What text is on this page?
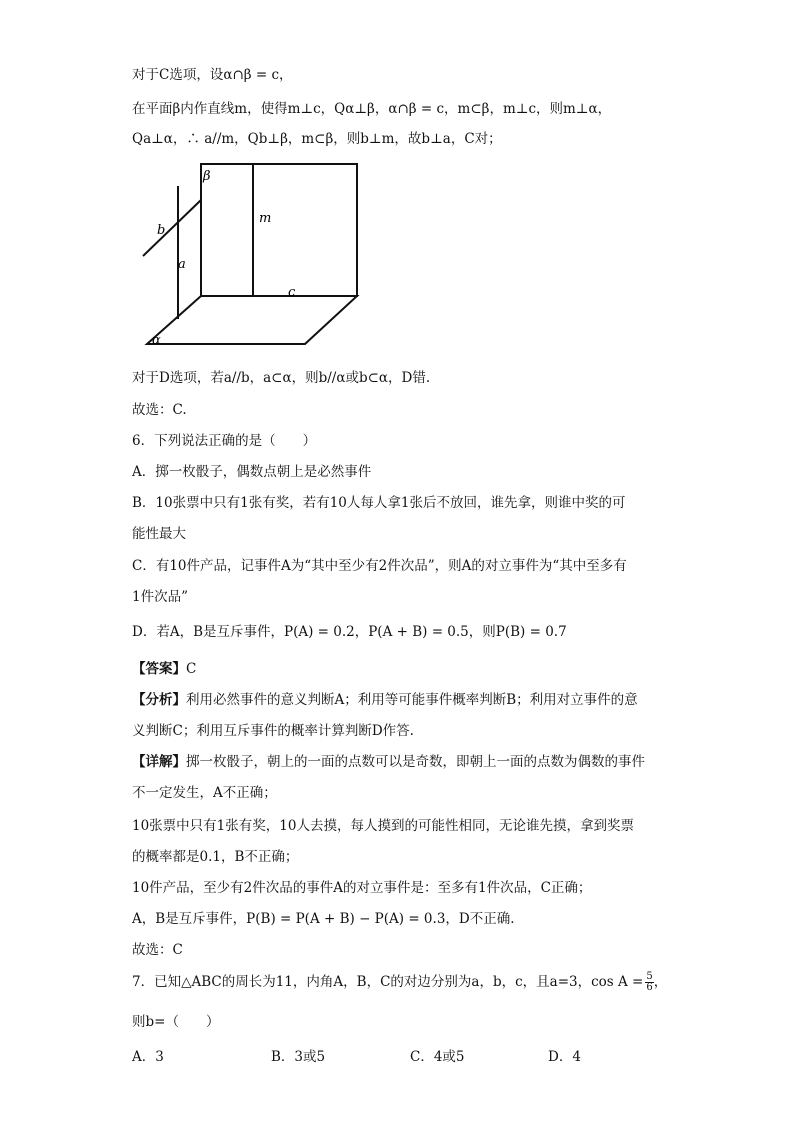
对于C选项，设α∩β = c，
在平面β内作直线m，使得m⊥c，Qα⊥β，α∩β = c，m⊂β，m⊥c，则m⊥α，
Qa⊥α，∴ a//m，Qb⊥β，m⊂β，则b⊥m，故b⊥a，C对；
β
m
b
a
c
α
对于D选项，若a//b，a⊂α，则b//α或b⊂α，D错.
故选：C.
6．下列说法正确的是（　　）
A．掷一枚骰子，偶数点朝上是必然事件
B．10张票中只有1张有奖，若有10人每人拿1张后不放回，谁先拿，则谁中奖的可
能性最大
C．有10件产品，记事件A为“其中至少有2件次品”，则A的对立事件为“其中至多有
1件次品”
D．若A，B是互斥事件，P(A) = 0.2，P(A + B) = 0.5，则P(B) = 0.7
【答案】C
【分析】利用必然事件的意义判断A；利用等可能事件概率判断B；利用对立事件的意
义判断C；利用互斥事件的概率计算判断D作答.
【详解】掷一枚骰子，朝上的一面的点数可以是奇数，即朝上一面的点数为偶数的事件
不一定发生，A不正确；
10张票中只有1张有奖，10人去摸，每人摸到的可能性相同，无论谁先摸，拿到奖票
的概率都是0.1，B不正确；
10件产品，至少有2件次品的事件A的对立事件是：至多有1件次品，C正确；
A，B是互斥事件，P(B) = P(A + B) − P(A) = 0.3，D不正确.
故选：C
7．已知△ABC的周长为11，内角A，B，C的对边分别为a，b，c，且a=3，$\cos A = \frac{5}{6}$ ，
则b=（　　）
A．3	B．3或5	C．4或5	D．4
